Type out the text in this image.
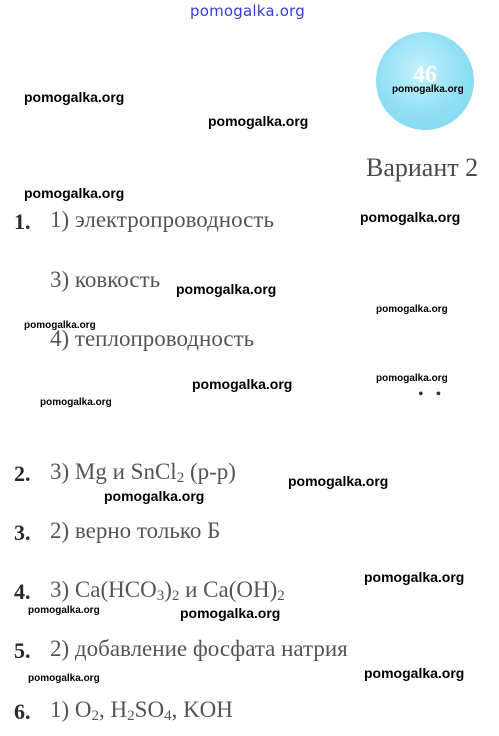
pomogalka.org
46
Вариант 2
1. 1) электропроводность
3) ковкость
4) теплопроводность
• •
2. 3) Mg и SnCl$_2$ (р-р)
3. 2) верно только Б
4. 3) $Ca(HCO_3)_2$ и $Ca(OH)_2$
5. 2) добавление фосфата натрия
6. 1) $O_2$, $H_2SO_4$, KOH
pomogalka.org
pomogalka.org
pomogalka.org
pomogalka.org
pomogalka.org
pomogalka.org
pomogalka.org
pomogalka.org
pomogalka.org	pomogalka.org
pomogalka.org
pomogalka.org
pomogalka.org
pomogalka.org
pomogalka.org	pomogalka.org
pomogalka.org
pomogalka.org
